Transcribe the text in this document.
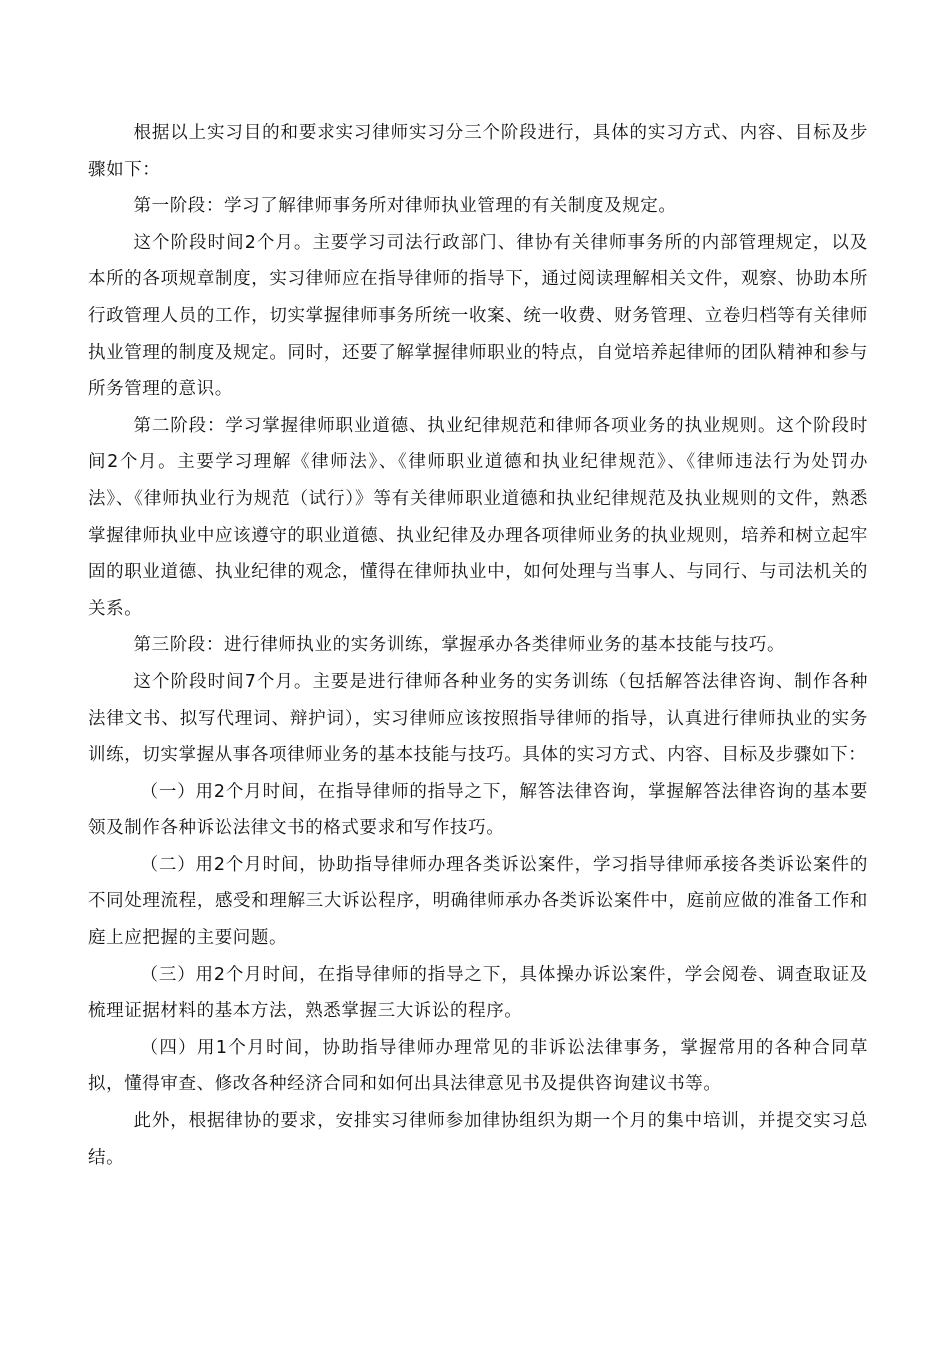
根据以上实习目的和要求实习律师实习分三个阶段进行，具体的实习方式、内容、目标及步骤如下：

第一阶段：学习了解律师事务所对律师执业管理的有关制度及规定。

这个阶段时间2个月。主要学习司法行政部门、律协有关律师事务所的内部管理规定，以及本所的各项规章制度，实习律师应在指导律师的指导下，通过阅读理解相关文件，观察、协助本所行政管理人员的工作，切实掌握律师事务所统一收案、统一收费、财务管理、立卷归档等有关律师执业管理的制度及规定。同时，还要了解掌握律师职业的特点，自觉培养起律师的团队精神和参与所务管理的意识。

第二阶段：学习掌握律师职业道德、执业纪律规范和律师各项业务的执业规则。这个阶段时间2个月。主要学习理解《律师法》、《律师职业道德和执业纪律规范》、《律师违法行为处罚办法》、《律师执业行为规范（试行）》等有关律师职业道德和执业纪律规范及执业规则的文件，熟悉掌握律师执业中应该遵守的职业道德、执业纪律及办理各项律师业务的执业规则，培养和树立起牢固的职业道德、执业纪律的观念，懂得在律师执业中，如何处理与当事人、与同行、与司法机关的关系。

第三阶段：进行律师执业的实务训练，掌握承办各类律师业务的基本技能与技巧。

这个阶段时间7个月。主要是进行律师各种业务的实务训练（包括解答法律咨询、制作各种法律文书、拟写代理词、辩护词），实习律师应该按照指导律师的指导，认真进行律师执业的实务训练，切实掌握从事各项律师业务的基本技能与技巧。具体的实习方式、内容、目标及步骤如下：

（一）用2个月时间，在指导律师的指导之下，解答法律咨询，掌握解答法律咨询的基本要领及制作各种诉讼法律文书的格式要求和写作技巧。

（二）用2个月时间，协助指导律师办理各类诉讼案件，学习指导律师承接各类诉讼案件的不同处理流程，感受和理解三大诉讼程序，明确律师承办各类诉讼案件中，庭前应做的准备工作和庭上应把握的主要问题。

（三）用2个月时间，在指导律师的指导之下，具体操办诉讼案件，学会阅卷、调查取证及梳理证据材料的基本方法，熟悉掌握三大诉讼的程序。

（四）用1个月时间，协助指导律师办理常见的非诉讼法律事务，掌握常用的各种合同草拟，懂得审查、修改各种经济合同和如何出具法律意见书及提供咨询建议书等。

此外，根据律协的要求，安排实习律师参加律协组织为期一个月的集中培训，并提交实习总结。
